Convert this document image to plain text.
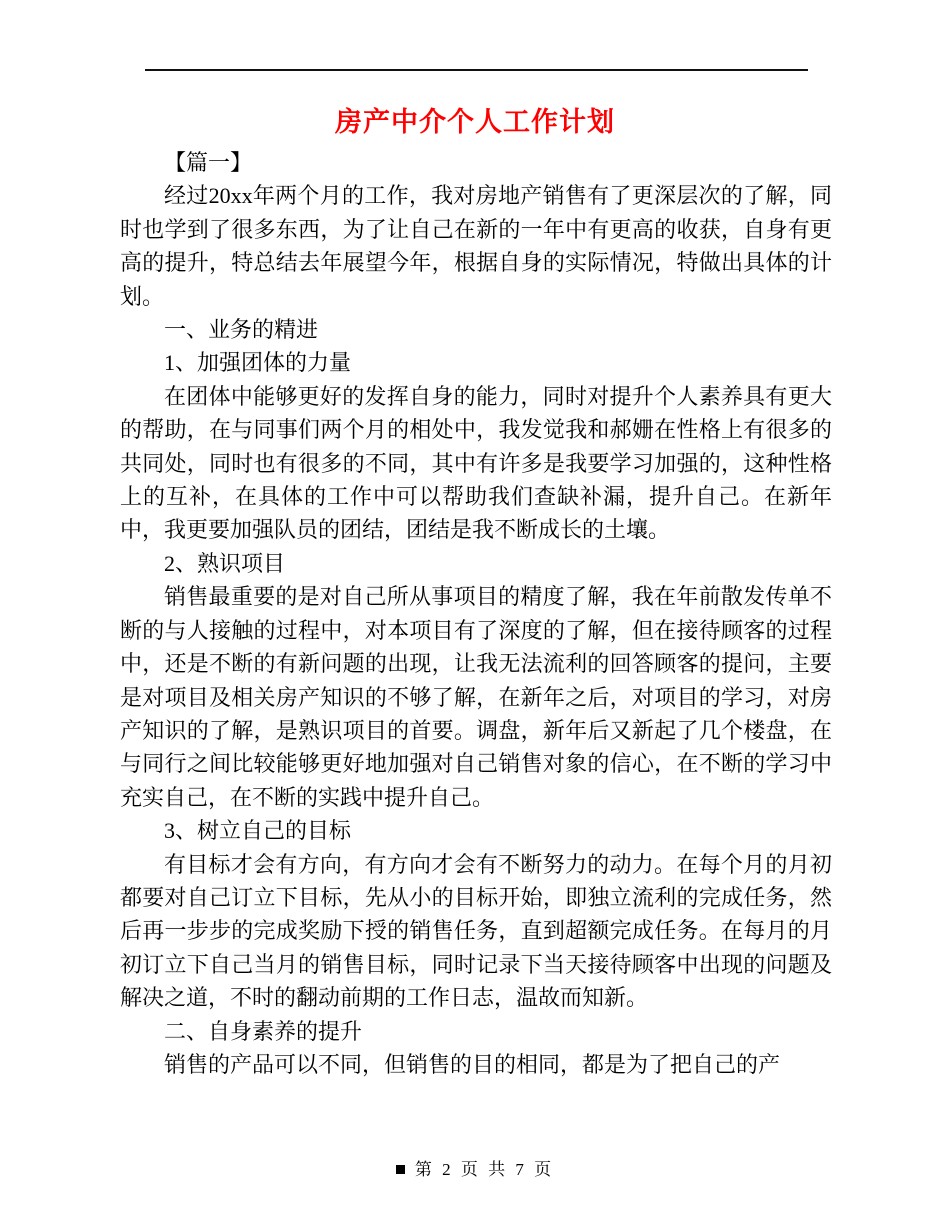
房产中介个人工作计划

【篇一】

经过20xx年两个月的工作，我对房地产销售有了更深层次的了解，同时也学到了很多东西，为了让自己在新的一年中有更高的收获，自身有更高的提升，特总结去年展望今年，根据自身的实际情况，特做出具体的计划。

一、业务的精进

1、加强团体的力量

在团体中能够更好的发挥自身的能力，同时对提升个人素养具有更大的帮助，在与同事们两个月的相处中，我发觉我和郝姗在性格上有很多的共同处，同时也有很多的不同，其中有许多是我要学习加强的，这种性格上的互补，在具体的工作中可以帮助我们查缺补漏，提升自己。在新年中，我更要加强队员的团结，团结是我不断成长的土壤。

2、熟识项目

销售最重要的是对自己所从事项目的精度了解，我在年前散发传单不断的与人接触的过程中，对本项目有了深度的了解，但在接待顾客的过程中，还是不断的有新问题的出现，让我无法流利的回答顾客的提问，主要是对项目及相关房产知识的不够了解，在新年之后，对项目的学习，对房产知识的了解，是熟识项目的首要。调盘，新年后又新起了几个楼盘，在与同行之间比较能够更好地加强对自己销售对象的信心，在不断的学习中充实自己，在不断的实践中提升自己。

3、树立自己的目标

有目标才会有方向，有方向才会有不断努力的动力。在每个月的月初都要对自己订立下目标，先从小的目标开始，即独立流利的完成任务，然后再一步步的完成奖励下授的销售任务，直到超额完成任务。在每月的月初订立下自己当月的销售目标，同时记录下当天接待顾客中出现的问题及解决之道，不时的翻动前期的工作日志，温故而知新。

二、自身素养的提升

销售的产品可以不同，但销售的目的相同，都是为了把自己的产

第 2 页 共 7 页
